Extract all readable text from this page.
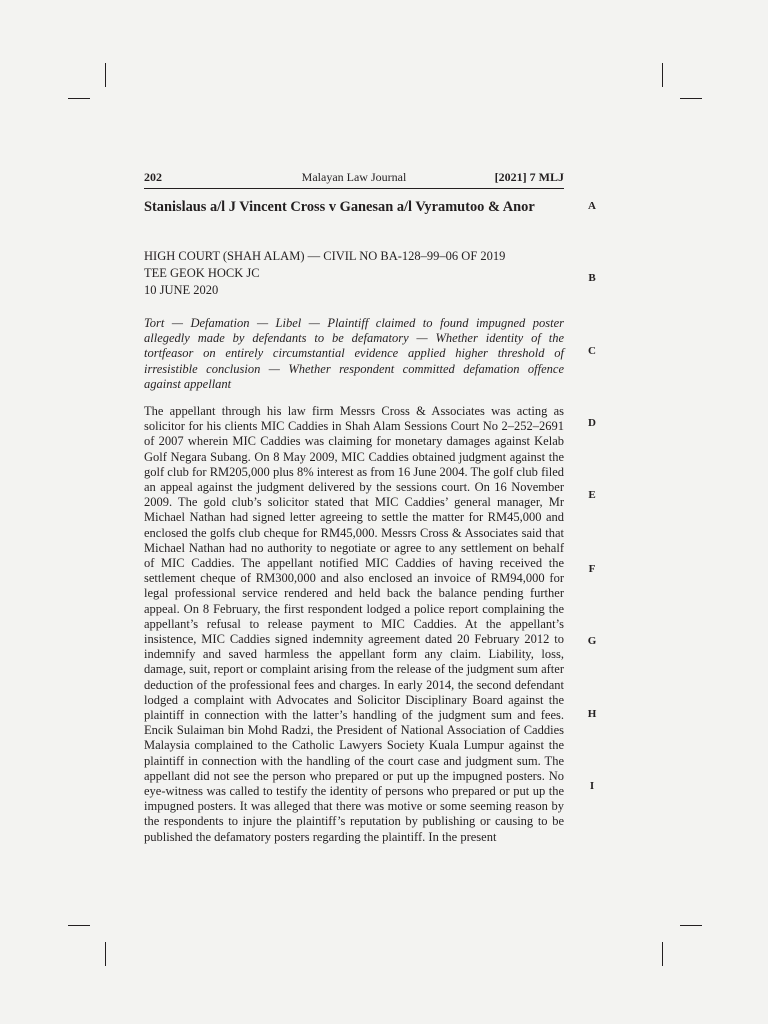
202	Malayan Law Journal	[2021] 7 MLJ
Stanislaus a/l J Vincent Cross v Ganesan a/l Vyramutoo & Anor
HIGH COURT (SHAH ALAM) — CIVIL NO BA-128–99–06 OF 2019
TEE GEOK HOCK JC
10 JUNE 2020
Tort — Defamation — Libel — Plaintiff claimed to found impugned poster allegedly made by defendants to be defamatory — Whether identity of the tortfeasor on entirely circumstantial evidence applied higher threshold of irresistible conclusion — Whether respondent committed defamation offence against appellant
The appellant through his law firm Messrs Cross & Associates was acting as solicitor for his clients MIC Caddies in Shah Alam Sessions Court No 2–252–2691 of 2007 wherein MIC Caddies was claiming for monetary damages against Kelab Golf Negara Subang. On 8 May 2009, MIC Caddies obtained judgment against the golf club for RM205,000 plus 8% interest as from 16 June 2004. The golf club filed an appeal against the judgment delivered by the sessions court. On 16 November 2009. The gold club’s solicitor stated that MIC Caddies’ general manager, Mr Michael Nathan had signed letter agreeing to settle the matter for RM45,000 and enclosed the golfs club cheque for RM45,000. Messrs Cross & Associates said that Michael Nathan had no authority to negotiate or agree to any settlement on behalf of MIC Caddies. The appellant notified MIC Caddies of having received the settlement cheque of RM300,000 and also enclosed an invoice of RM94,000 for legal professional service rendered and held back the balance pending further appeal. On 8 February, the first respondent lodged a police report complaining the appellant’s refusal to release payment to MIC Caddies. At the appellant’s insistence, MIC Caddies signed indemnity agreement dated 20 February 2012 to indemnify and saved harmless the appellant form any claim. Liability, loss, damage, suit, report or complaint arising from the release of the judgment sum after deduction of the professional fees and charges. In early 2014, the second defendant lodged a complaint with Advocates and Solicitor Disciplinary Board against the plaintiff in connection with the latter’s handling of the judgment sum and fees. Encik Sulaiman bin Mohd Radzi, the President of National Association of Caddies Malaysia complained to the Catholic Lawyers Society Kuala Lumpur against the plaintiff in connection with the handling of the court case and judgment sum. The appellant did not see the person who prepared or put up the impugned posters. No eye-witness was called to testify the identity of persons who prepared or put up the impugned posters. It was alleged that there was motive or some seeming reason by the respondents to injure the plaintiff’s reputation by publishing or causing to be published the defamatory posters regarding the plaintiff. In the present
A
B
C
D
E
F
G
H
I
